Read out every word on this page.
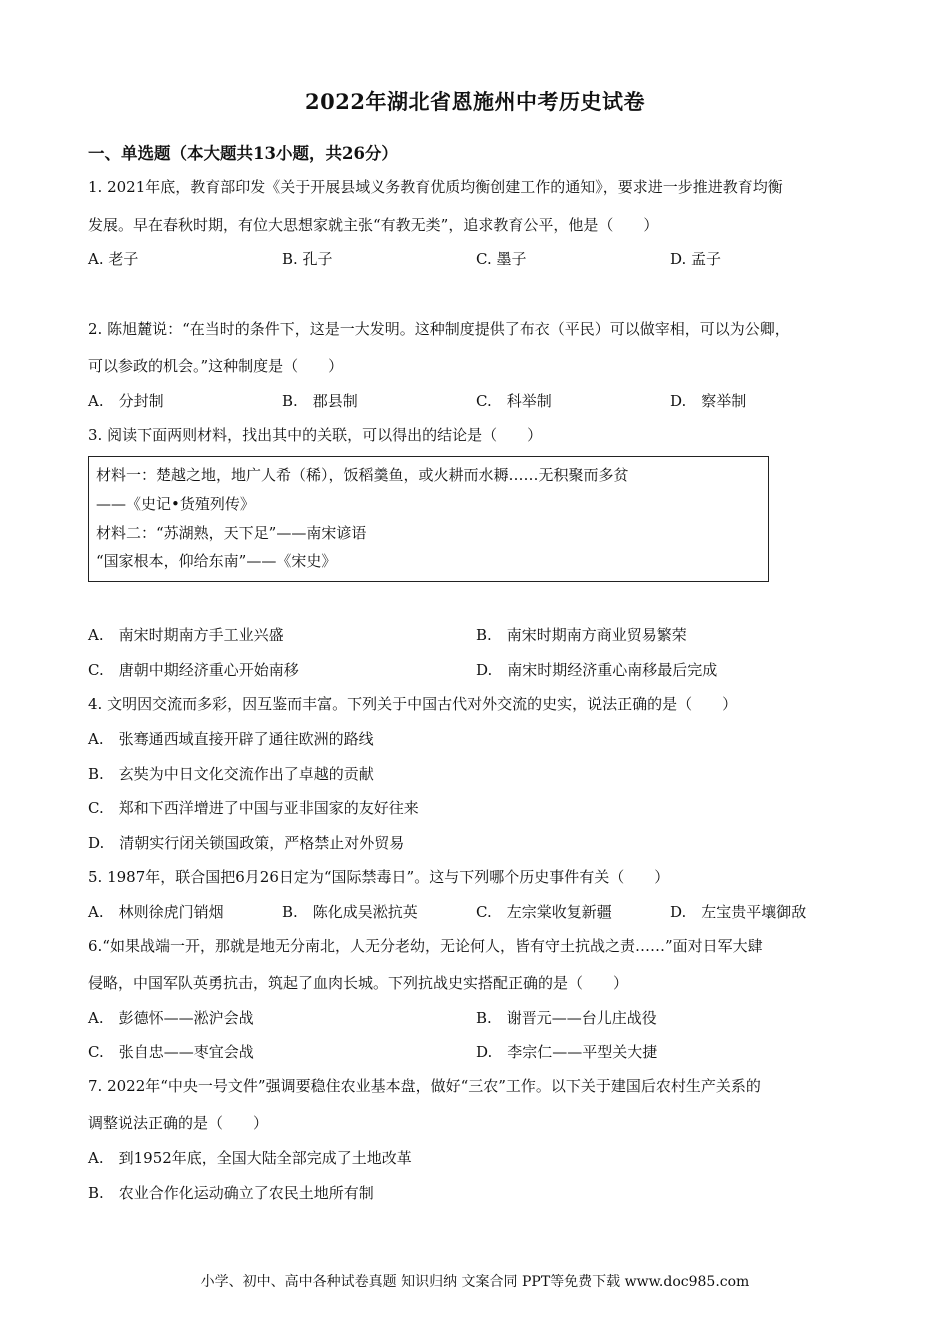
2022年湖北省恩施州中考历史试卷
一、单选题（本大题共13小题，共26分）
1. 2021年底，教育部印发《关于开展县域义务教育优质均衡创建工作的通知》，要求进一步推进教育均衡
发展。早在春秋时期，有位大思想家就主张“有教无类”，追求教育公平，他是（　　）
A. 老子	B. 孔子	C. 墨子	D. 孟子
2. 陈旭麓说：“在当时的条件下，这是一大发明。这种制度提供了布衣（平民）可以做宰相，可以为公卿，
可以参政的机会。”这种制度是（　　）
A.　分封制	B.　郡县制	C.　科举制	D.　察举制
3. 阅读下面两则材料，找出其中的关联，可以得出的结论是（　　）
材料一：楚越之地，地广人希（稀），饭稻羹鱼，或火耕而水耨……无积聚而多贫
——《史记•货殖列传》
材料二：“苏湖熟，天下足”——南宋谚语
“国家根本，仰给东南”——《宋史》
A.　南宋时期南方手工业兴盛	B.　南宋时期南方商业贸易繁荣
C.　唐朝中期经济重心开始南移	D.　南宋时期经济重心南移最后完成
4. 文明因交流而多彩，因互鉴而丰富。下列关于中国古代对外交流的史实，说法正确的是（　　）
A.　张骞通西域直接开辟了通往欧洲的路线
B.　玄奘为中日文化交流作出了卓越的贡献
C.　郑和下西洋增进了中国与亚非国家的友好往来
D.　清朝实行闭关锁国政策，严格禁止对外贸易
5. 1987年，联合国把6月26日定为“国际禁毒日”。这与下列哪个历史事件有关（　　）
A.　林则徐虎门销烟	B.　陈化成吴淞抗英	C.　左宗棠收复新疆	D.　左宝贵平壤御敌
6.“如果战端一开，那就是地无分南北，人无分老幼，无论何人，皆有守土抗战之责……”面对日军大肆
侵略，中国军队英勇抗击，筑起了血肉长城。下列抗战史实搭配正确的是（　　）
A.　彭德怀——淞沪会战	B.　谢晋元——台儿庄战役
C.　张自忠——枣宜会战	D.　李宗仁——平型关大捷
7. 2022年“中央一号文件”强调要稳住农业基本盘，做好“三农”工作。以下关于建国后农村生产关系的
调整说法正确的是（　　）
A.　到1952年底，全国大陆全部完成了土地改革
B.　农业合作化运动确立了农民土地所有制
小学、初中、高中各种试卷真题 知识归纳 文案合同 PPT等免费下载 www.doc985.com
